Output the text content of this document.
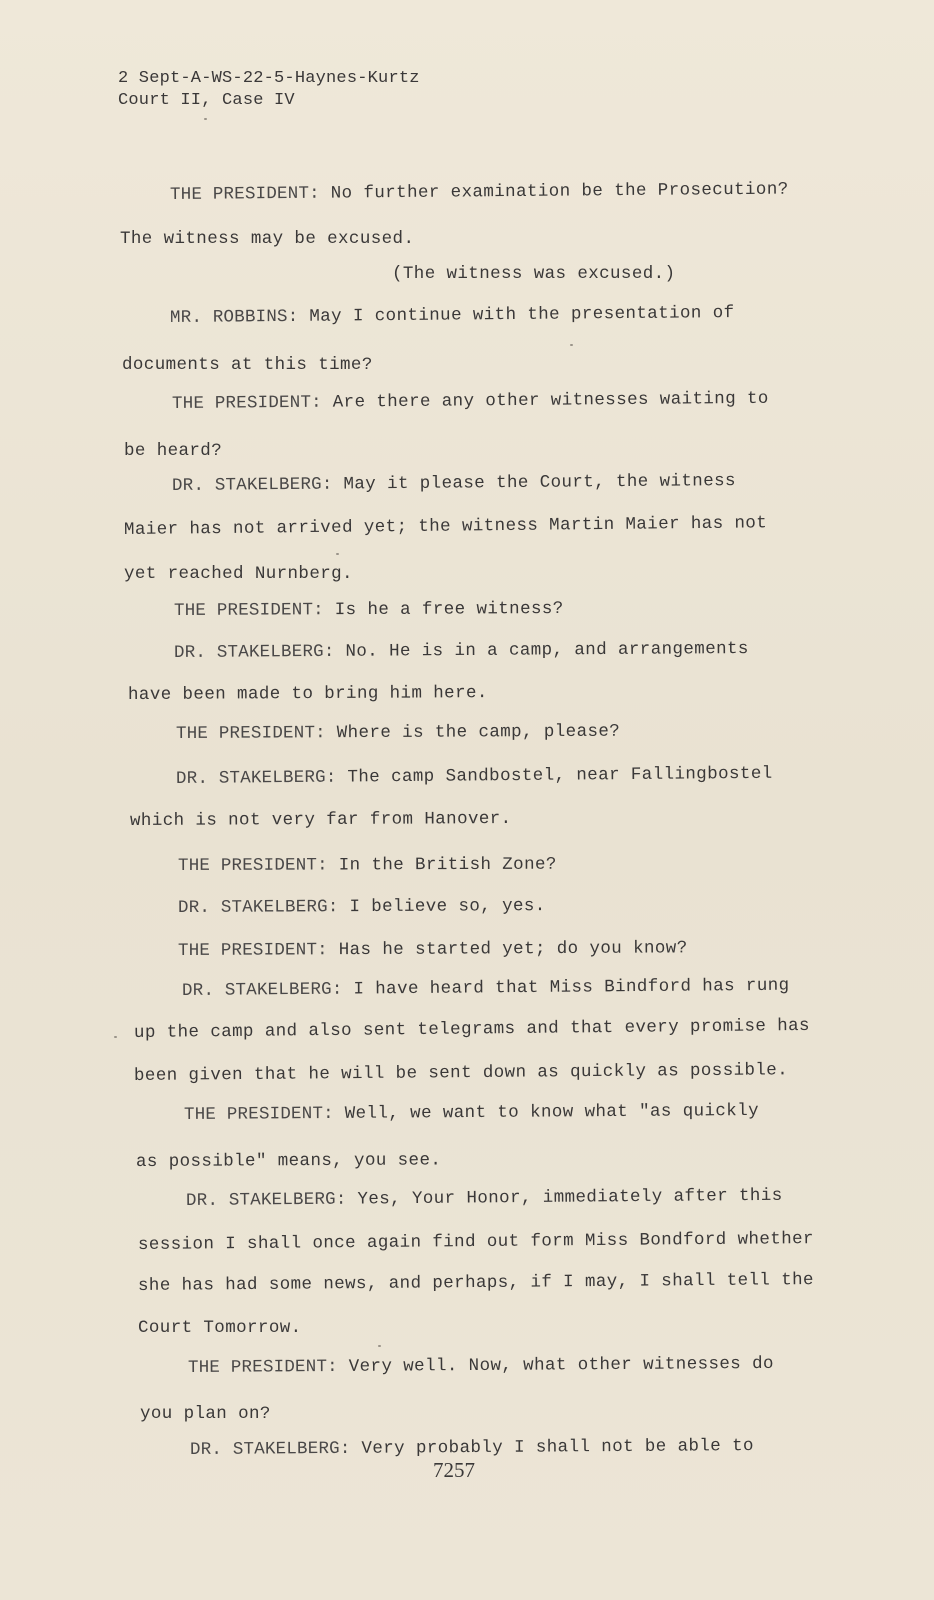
2 Sept-A-WS-22-5-Haynes-Kurtz
Court II, Case IV
THE PRESIDENT: No further examination be the Prosecution?
The witness may be excused.
(The witness was excused.)
MR. ROBBINS: May I continue with the presentation of
documents at this time?
THE PRESIDENT: Are there any other witnesses waiting to
be heard?
DR. STAKELBERG: May it please the Court, the witness
Maier has not arrived yet; the witness Martin Maier has not
yet reached Nurnberg.
THE PRESIDENT: Is he a free witness?
DR. STAKELBERG: No. He is in a camp, and arrangements
have been made to bring him here.
THE PRESIDENT: Where is the camp, please?
DR. STAKELBERG: The camp Sandbostel, near Fallingbostel
which is not very far from Hanover.
THE PRESIDENT: In the British Zone?
DR. STAKELBERG: I believe so, yes.
THE PRESIDENT: Has he started yet; do you know?
DR. STAKELBERG: I have heard that Miss Bindford has rung
up the camp and also sent telegrams and that every promise has
been given that he will be sent down as quickly as possible.
THE PRESIDENT: Well, we want to know what "as quickly
as possible" means, you see.
DR. STAKELBERG: Yes, Your Honor, immediately after this
session I shall once again find out form Miss Bondford whether
she has had some news, and perhaps, if I may, I shall tell the
Court Tomorrow.
THE PRESIDENT: Very well. Now, what other witnesses do
you plan on?
DR. STAKELBERG: Very probably I shall not be able to
7257
